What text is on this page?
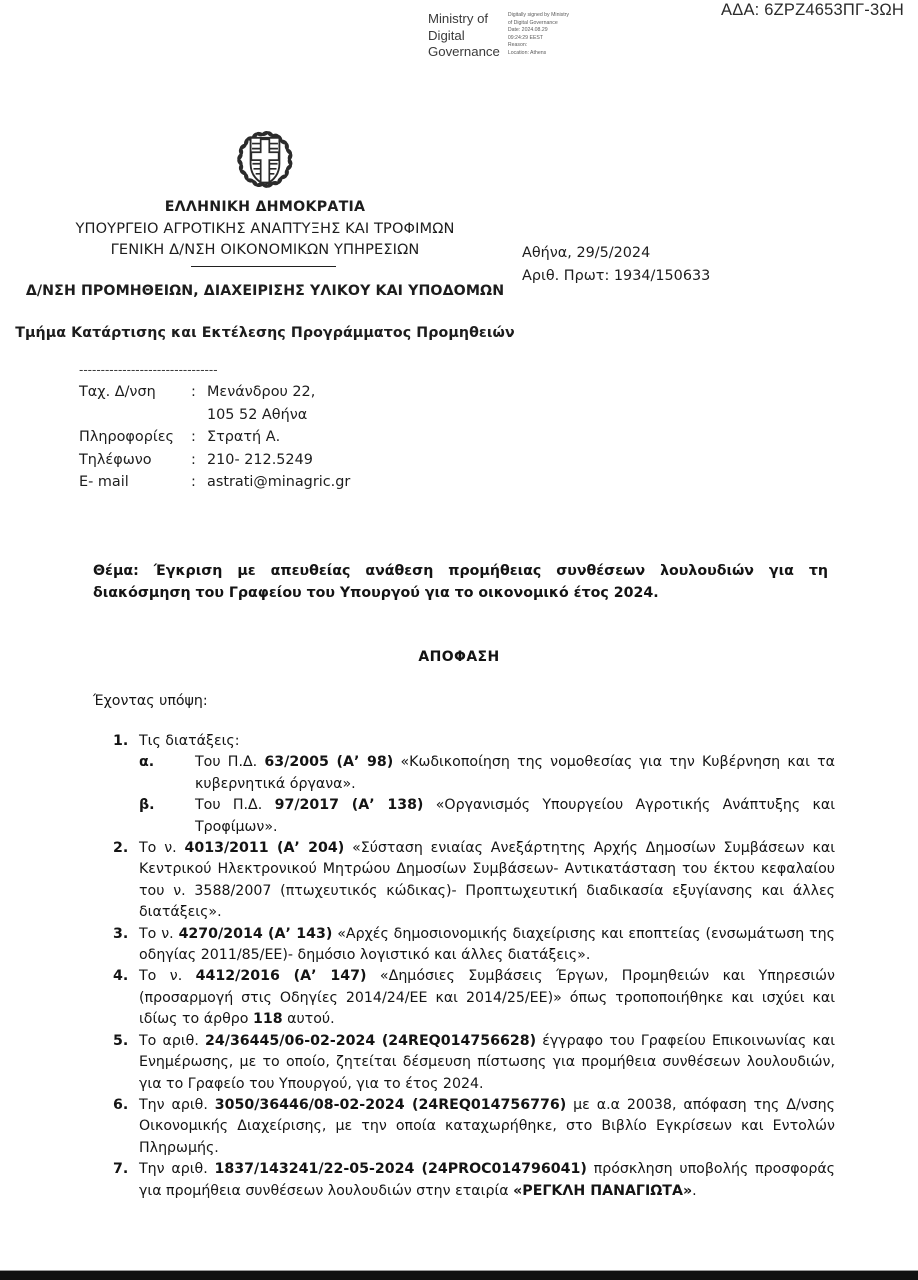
ΑΔΑ: 6ΖΡΖ4653ΠΓ-3ΩΗ
Ministry of
Digital
Governance
Digitally signed by Ministry
of Digital Governance
Date: 2024.08.29
09:24:29 EEST
Reason:
Location: Athens
ΕΛΛΗΝΙΚΗ ΔΗΜΟΚΡΑΤΙΑ
ΥΠΟΥΡΓΕΙΟ ΑΓΡΟΤΙΚΗΣ ΑΝΑΠΤΥΞΗΣ ΚΑΙ ΤΡΟΦΙΜΩΝ
ΓΕΝΙΚΗ Δ/ΝΣΗ ΟΙΚΟΝΟΜΙΚΩΝ ΥΠΗΡΕΣΙΩΝ
Δ/ΝΣΗ ΠΡΟΜΗΘΕΙΩΝ, ΔΙΑΧΕΙΡΙΣΗΣ ΥΛΙΚΟΥ ΚΑΙ ΥΠΟΔΟΜΩΝ
Τμήμα Κατάρτισης και Εκτέλεσης Προγράμματος Προμηθειών
--------------------------------
Ταχ. Δ/νση	:	Μενάνδρου 22,
		105 52 Αθήνα
Πληροφορίες	:	Στρατή Α.
Τηλέφωνο	:	210- 212.5249
E- mail	:	astrati@minagric.gr
Αθήνα, 29/5/2024
Αριθ. Πρωτ: 1934/150633
Θέμα: Έγκριση με απευθείας ανάθεση προμήθειας συνθέσεων λουλουδιών για τη διακόσμηση του Γραφείου του Υπουργού για το οικονομικό έτος 2024.
ΑΠΟΦΑΣΗ
Έχοντας υπόψη:
1. Τις διατάξεις:
α.	Του Π.Δ. 63/2005 (Α’ 98) «Κωδικοποίηση της νομοθεσίας για την Κυβέρνηση και τα κυβερνητικά όργανα».
β.	Του Π.Δ. 97/2017 (Α’ 138) «Οργανισμός Υπουργείου Αγροτικής Ανάπτυξης και Τροφίμων».
2. Το ν. 4013/2011 (Α’ 204) «Σύσταση ενιαίας Ανεξάρτητης Αρχής Δημοσίων Συμβάσεων και Κεντρικού Ηλεκτρονικού Μητρώου Δημοσίων Συμβάσεων- Αντικατάσταση του έκτου κεφαλαίου του ν. 3588/2007 (πτωχευτικός κώδικας)- Προπτωχευτική διαδικασία εξυγίανσης και άλλες διατάξεις».
3. Το ν. 4270/2014 (Α’ 143) «Αρχές δημοσιονομικής διαχείρισης και εποπτείας (ενσωμάτωση της οδηγίας 2011/85/ΕΕ)- δημόσιο λογιστικό και άλλες διατάξεις».
4. Το ν. 4412/2016 (Α’ 147) «Δημόσιες Συμβάσεις Έργων, Προμηθειών και Υπηρεσιών (προσαρμογή στις Οδηγίες 2014/24/ΕΕ και 2014/25/ΕΕ)» όπως τροποποιήθηκε και ισχύει και ιδίως το άρθρο 118 αυτού.
5. Το αριθ. 24/36445/06-02-2024 (24REQ014756628) έγγραφο του Γραφείου Επικοινωνίας και Ενημέρωσης, με το οποίο, ζητείται δέσμευση πίστωσης για προμήθεια συνθέσεων λουλουδιών, για το Γραφείο του Υπουργού, για το έτος 2024.
6. Την αριθ. 3050/36446/08-02-2024 (24REQ014756776) με α.α 20038, απόφαση της Δ/νσης Οικονομικής Διαχείρισης, με την οποία καταχωρήθηκε, στο Βιβλίο Εγκρίσεων και Εντολών Πληρωμής.
7. Την αριθ. 1837/143241/22-05-2024 (24PROC014796041) πρόσκληση υποβολής προσφοράς για προμήθεια συνθέσεων λουλουδιών στην εταιρία «ΡΕΓΚΛΗ ΠΑΝΑΓΙΩΤΑ».
